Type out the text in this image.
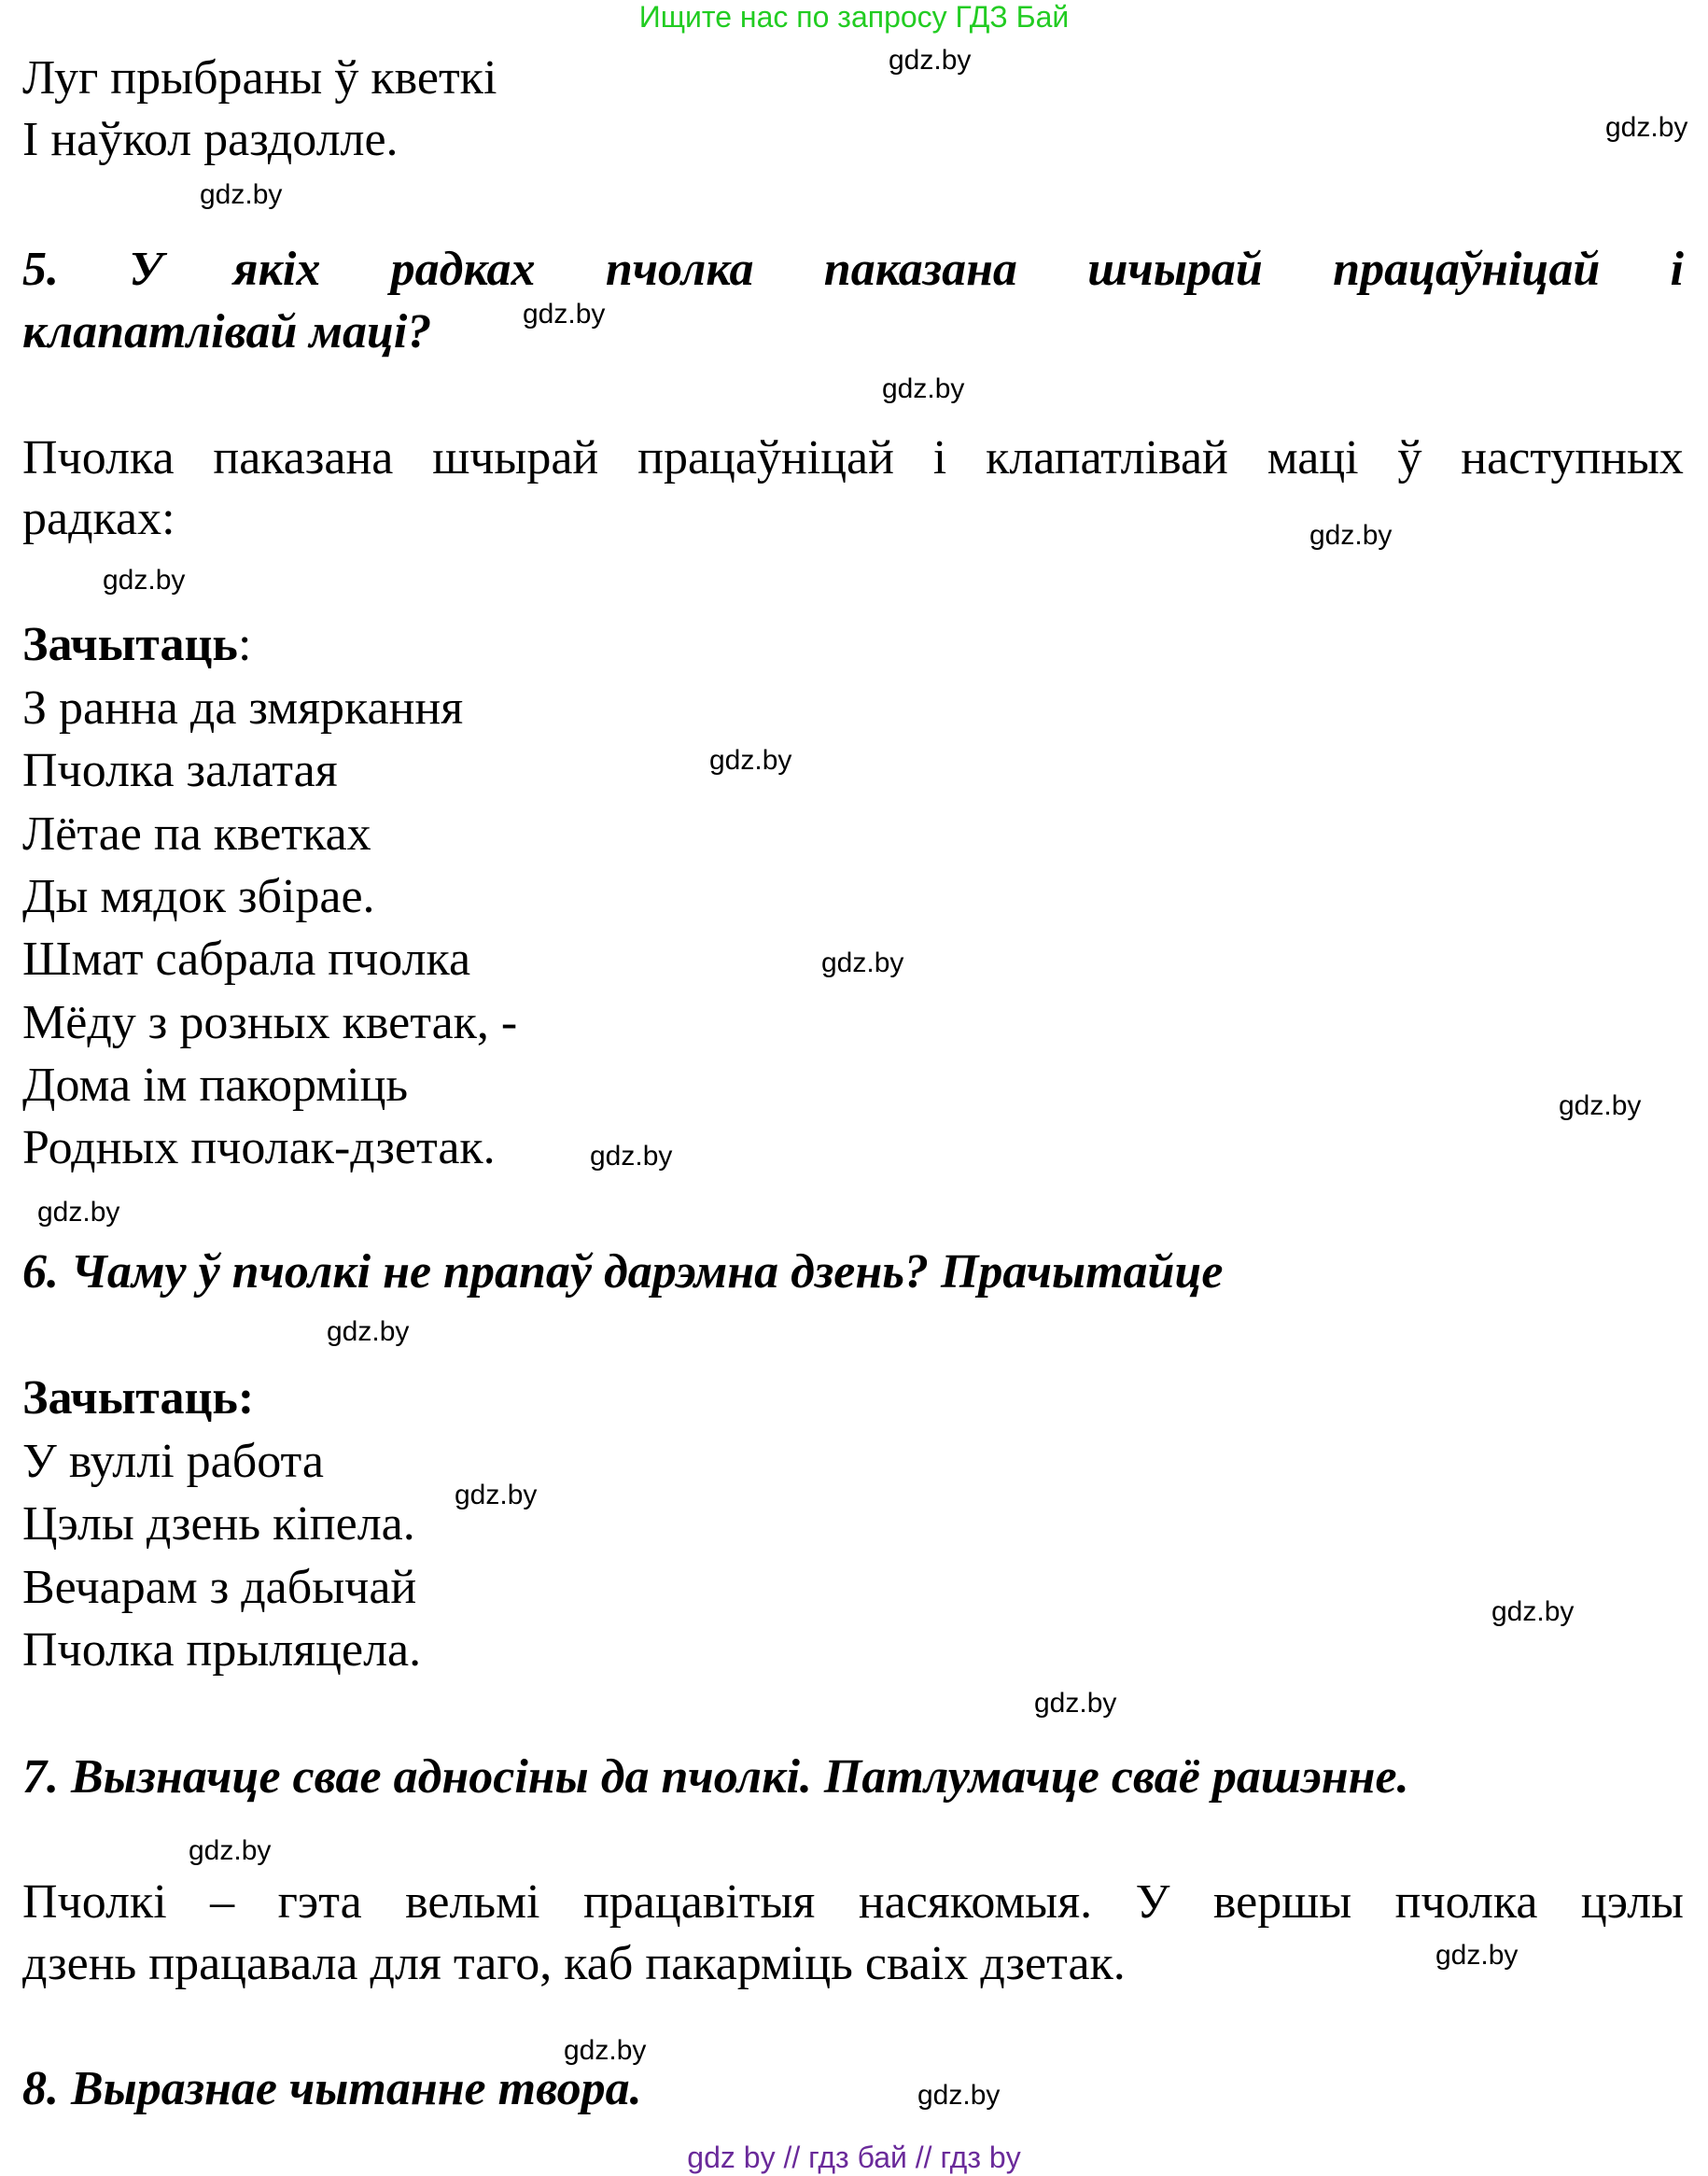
Ищите нас по запросу ГДЗ Бай
Луг прыбраны ў кветкі
І наўкол раздолле.
5. У якіх радках пчолка паказана шчырай працаўніцай і
клапатлівай маці?
Пчолка паказана шчырай працаўніцай і клапатлівай маці ў наступных
радках:
Зачытаць:
З ранна да змяркання
Пчолка залатая
Лётае па кветках
Ды мядок збірае.
Шмат сабрала пчолка
Мёду з розных кветак, -
Дома ім пакорміць
Родных пчолак-дзетак.
6. Чаму ў пчолкі не прапаў дарэмна дзень? Прачытайце
Зачытаць:
У вуллі работа
Цэлы дзень кіпела.
Вечарам з дабычай
Пчолка прыляцела.
7. Вызначце свае адносіны да пчолкі. Патлумачце сваё рашэнне.
Пчолкі – гэта вельмі працавітыя насякомыя. У вершы пчолка цэлы
дзень працавала для таго, каб пакарміць сваіх дзетак.
8. Выразнае чытанне твора.
gdz.by
gdz.by
gdz.by
gdz.by
gdz.by
gdz.by
gdz.by
gdz.by
gdz.by
gdz.by
gdz.by
gdz.by
gdz.by
gdz.by
gdz.by
gdz.by
gdz.by
gdz.by
gdz.by
gdz.by
gdz by // гдз бай // гдз by
